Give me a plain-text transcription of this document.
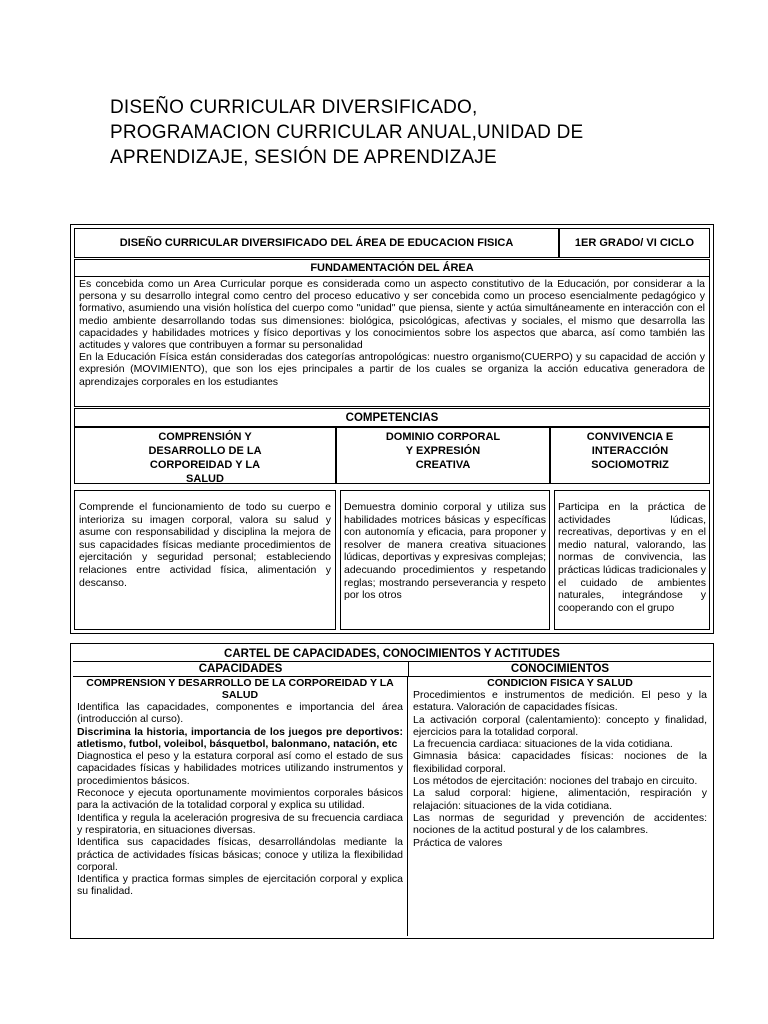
DISEÑO CURRICULAR DIVERSIFICADO,
PROGRAMACION CURRICULAR ANUAL,UNIDAD DE
APRENDIZAJE, SESIÓN DE APRENDIZAJE
DISEÑO CURRICULAR DIVERSIFICADO DEL ÁREA DE EDUCACION FISICA	1ER GRADO/ VI CICLO
FUNDAMENTACIÓN DEL ÁREA
Es concebida como un Area Curricular porque es considerada como un aspecto constitutivo de la Educación, por considerar a la persona y su desarrollo integral como centro del proceso educativo y ser concebida como un proceso esencialmente pedagógico y formativo, asumiendo una visión holística del cuerpo como "unidad" que piensa, siente y actúa simultáneamente en interacción con el medio ambiente desarrollando todas sus dimensiones: biológica, psicológicas, afectivas y sociales, el mismo que desarrolla las capacidades y habilidades motrices y físico deportivas y los conocimientos sobre los aspectos que abarca, así como también las actitudes y valores que contribuyen a formar su personalidad
En la Educación Física están consideradas dos categorías antropológicas: nuestro organismo(CUERPO) y su capacidad de acción y expresión (MOVIMIENTO), que son los ejes principales a partir de los cuales se organiza la acción educativa generadora de aprendizajes corporales en los estudiantes
COMPETENCIAS
COMPRENSIÓN Y
DESARROLLO DE LA
CORPOREIDAD Y LA
SALUD
DOMINIO CORPORAL
Y EXPRESIÓN
CREATIVA
CONVIVENCIA E
INTERACCIÓN
SOCIOMOTRIZ
Comprende el funcionamiento de todo su cuerpo e interioriza su imagen corporal, valora su salud y asume con responsabilidad y disciplina la mejora de sus capacidades físicas mediante procedimientos de ejercitación y seguridad personal; estableciendo relaciones entre actividad física, alimentación y descanso.
Demuestra dominio corporal y utiliza sus habilidades motrices básicas y específicas con autonomía y eficacia, para proponer y resolver de manera creativa situaciones lúdicas, deportivas y expresivas complejas; adecuando procedimientos y respetando reglas; mostrando perseverancia y respeto por los otros
Participa en la práctica de actividades lúdicas, recreativas, deportivas y en el medio natural, valorando, las normas de convivencia, las prácticas lúdicas tradicionales y el cuidado de ambientes naturales, integrándose y cooperando con el grupo
CARTEL DE CAPACIDADES, CONOCIMIENTOS Y ACTITUDES
CAPACIDADES	CONOCIMIENTOS
COMPRENSION Y DESARROLLO DE LA CORPOREIDAD Y LA SALUD

Identifica las capacidades, componentes e importancia del área (introducción al curso).

Discrimina la historia, importancia de los juegos pre deportivos: atletismo, futbol, voleibol, básquetbol, balonmano, natación, etc

Diagnostica el peso y la estatura corporal así como el estado de sus capacidades físicas y habilidades motrices utilizando instrumentos y procedimientos básicos.

Reconoce y ejecuta oportunamente movimientos corporales básicos para la activación de la totalidad corporal y explica su utilidad.

Identifica y regula la aceleración progresiva de su frecuencia cardiaca y respiratoria, en situaciones diversas.

Identifica sus capacidades físicas, desarrollándolas mediante la práctica de actividades físicas básicas; conoce y utiliza la flexibilidad corporal.

Identifica y practica formas simples de ejercitación corporal y explica su finalidad.

CONDICION FISICA Y SALUD

Procedimientos e instrumentos de medición. El peso y la estatura. Valoración de capacidades físicas.

La activación corporal (calentamiento): concepto y finalidad, ejercicios para la totalidad corporal.

La frecuencia cardiaca: situaciones de la vida cotidiana.

Gimnasia básica: capacidades físicas: nociones de la flexibilidad corporal.

Los métodos de ejercitación: nociones del trabajo en circuito.

La salud corporal: higiene, alimentación, respiración y relajación: situaciones de la vida cotidiana.

Las normas de seguridad y prevención de accidentes: nociones de la actitud postural y de los calambres.

Práctica de valores
